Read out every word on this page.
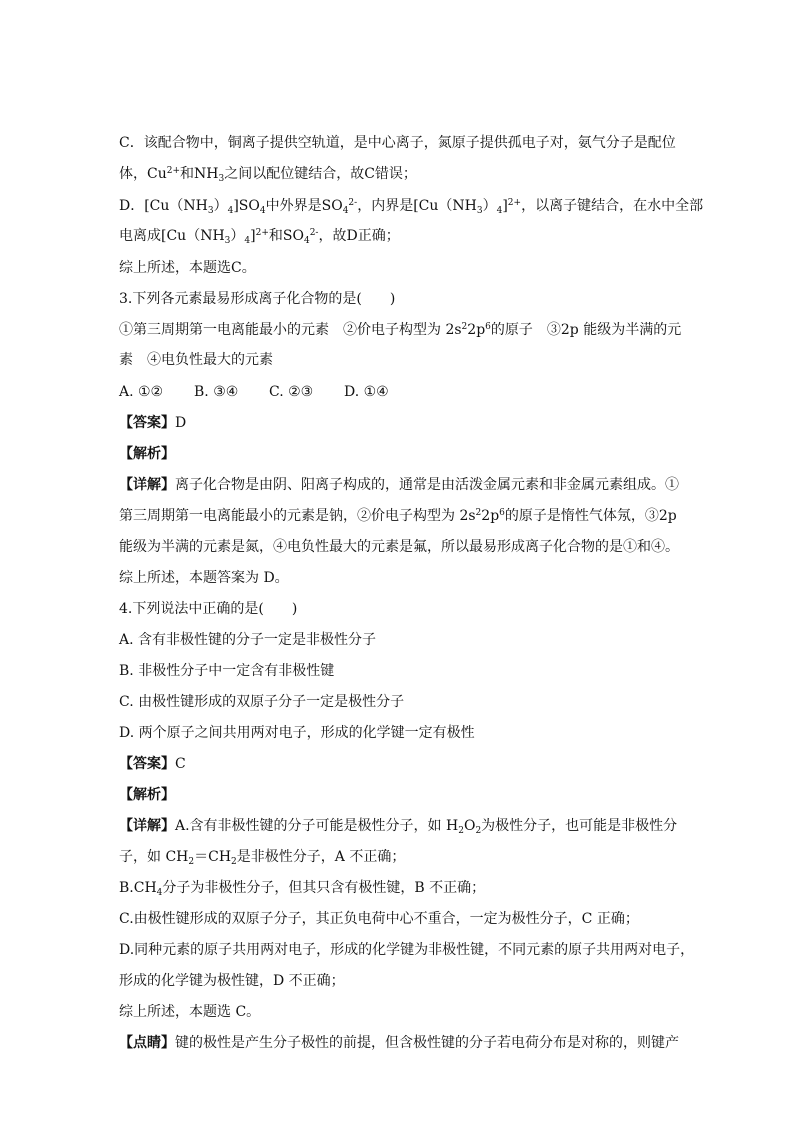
C．该配合物中，铜离子提供空轨道，是中心离子，氮原子提供孤电子对，氨气分子是配位
体，$Cu^{2+}$和$NH_3$之间以配位键结合，故C错误；
D．$[Cu(NH_3)_4]SO_4$中外界是$SO_4^{2-}$，内界是$[Cu(NH_3)_4]^{2+}$，以离子键结合，在水中全部
电离成$[Cu(NH_3)_4]^{2+}$和$SO_4^{2-}$，故D正确；
综上所述，本题选C。
3.下列各元素最易形成离子化合物的是(　　)
①第三周期第一电离能最小的元素　②价电子构型为 $2s^22p^6$的原子　③2p 能级为半满的元
素　④电负性最大的元素
A. ①② B. ③④ C. ②③ D. ①④
【答案】D
【解析】
【详解】离子化合物是由阴、阳离子构成的，通常是由活泼金属元素和非金属元素组成。①
第三周期第一电离能最小的元素是钠，②价电子构型为 $2s^22p^6$的原子是惰性气体氖，③2p
能级为半满的元素是氮，④电负性最大的元素是氟，所以最易形成离子化合物的是①和④。
综上所述，本题答案为 D。
4.下列说法中正确的是(　　)
A. 含有非极性键的分子一定是非极性分子
B. 非极性分子中一定含有非极性键
C. 由极性键形成的双原子分子一定是极性分子
D. 两个原子之间共用两对电子，形成的化学键一定有极性
【答案】C
【解析】
【详解】A.含有非极性键的分子可能是极性分子，如 $H_2O_2$为极性分子，也可能是非极性分
子，如 $CH_2=CH_2$是非极性分子，A 不正确；
$B.CH_4$分子为非极性分子，但其只含有极性键，B 不正确；
C.由极性键形成的双原子分子，其正负电荷中心不重合，一定为极性分子，C 正确；
D.同种元素的原子共用两对电子，形成的化学键为非极性键，不同元素的原子共用两对电子，
形成的化学键为极性键，D 不正确；
综上所述，本题选 C。
【点睛】键的极性是产生分子极性的前提，但含极性键的分子若电荷分布是对称的，则键产
